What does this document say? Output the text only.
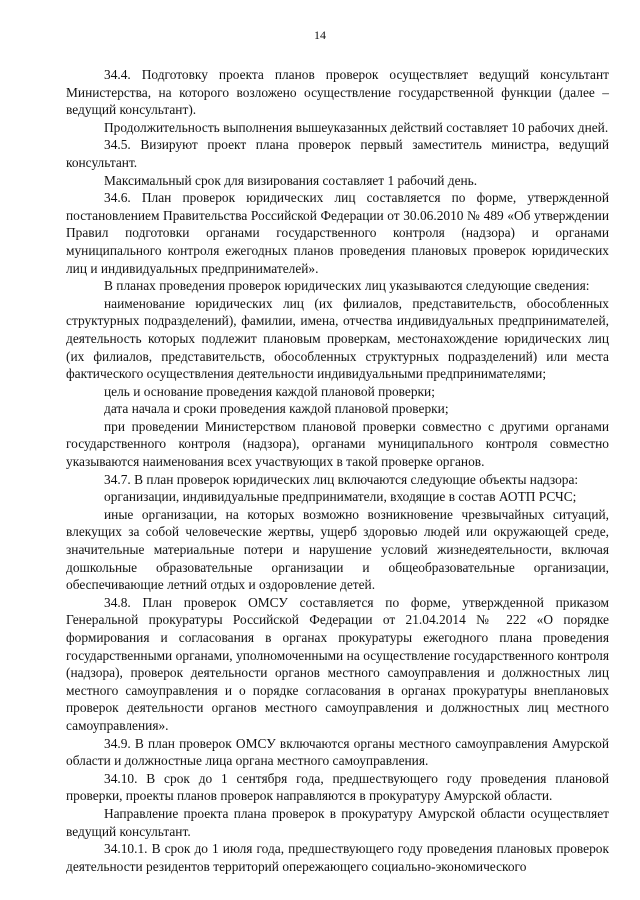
14

34.4. Подготовку проекта планов проверок осуществляет ведущий консультант Министерства, на которого возложено осуществление государственной функции (далее – ведущий консультант).

Продолжительность выполнения вышеуказанных действий составляет 10 рабочих дней.

34.5. Визируют проект плана проверок первый заместитель министра, ведущий консультант.

Максимальный срок для визирования составляет 1 рабочий день.

34.6. План проверок юридических лиц составляется по форме, утвержденной постановлением Правительства Российской Федерации от 30.06.2010 № 489 «Об утверждении Правил подготовки органами государственного контроля (надзора) и органами муниципального контроля ежегодных планов проведения плановых проверок юридических лиц и индивидуальных предпринимателей».

В планах проведения проверок юридических лиц указываются следующие сведения:

наименование юридических лиц (их филиалов, представительств, обособленных структурных подразделений), фамилии, имена, отчества индивидуальных предпринимателей, деятельность которых подлежит плановым проверкам, местонахождение юридических лиц (их филиалов, представительств, обособленных структурных подразделений) или места фактического осуществления деятельности индивидуальными предпринимателями;

цель и основание проведения каждой плановой проверки;

дата начала и сроки проведения каждой плановой проверки;

при проведении Министерством плановой проверки совместно с другими органами государственного контроля (надзора), органами муниципального контроля совместно указываются наименования всех участвующих в такой проверке органов.

34.7. В план проверок юридических лиц включаются следующие объекты надзора:

организации, индивидуальные предприниматели, входящие в состав АОТП РСЧС;

иные организации, на которых возможно возникновение чрезвычайных ситуаций, влекущих за собой человеческие жертвы, ущерб здоровью людей или окружающей среде, значительные материальные потери и нарушение условий жизнедеятельности, включая дошкольные образовательные организации и общеобразовательные организации, обеспечивающие летний отдых и оздоровление детей.

34.8. План проверок ОМСУ составляется по форме, утвержденной приказом Генеральной прокуратуры Российской Федерации от 21.04.2014 № 222 «О порядке формирования и согласования в органах прокуратуры ежегодного плана проведения государственными органами, уполномоченными на осуществление государственного контроля (надзора), проверок деятельности органов местного самоуправления и должностных лиц местного самоуправления и о порядке согласования в органах прокуратуры внеплановых проверок деятельности органов местного самоуправления и должностных лиц местного самоуправления».

34.9. В план проверок ОМСУ включаются органы местного самоуправления Амурской области и должностные лица органа местного самоуправления.

34.10. В срок до 1 сентября года, предшествующего году проведения плановой проверки, проекты планов проверок направляются в прокуратуру Амурской области.

Направление проекта плана проверок в прокуратуру Амурской области осуществляет ведущий консультант.

34.10.1. В срок до 1 июля года, предшествующего году проведения плановых проверок деятельности резидентов территорий опережающего социально-экономического
